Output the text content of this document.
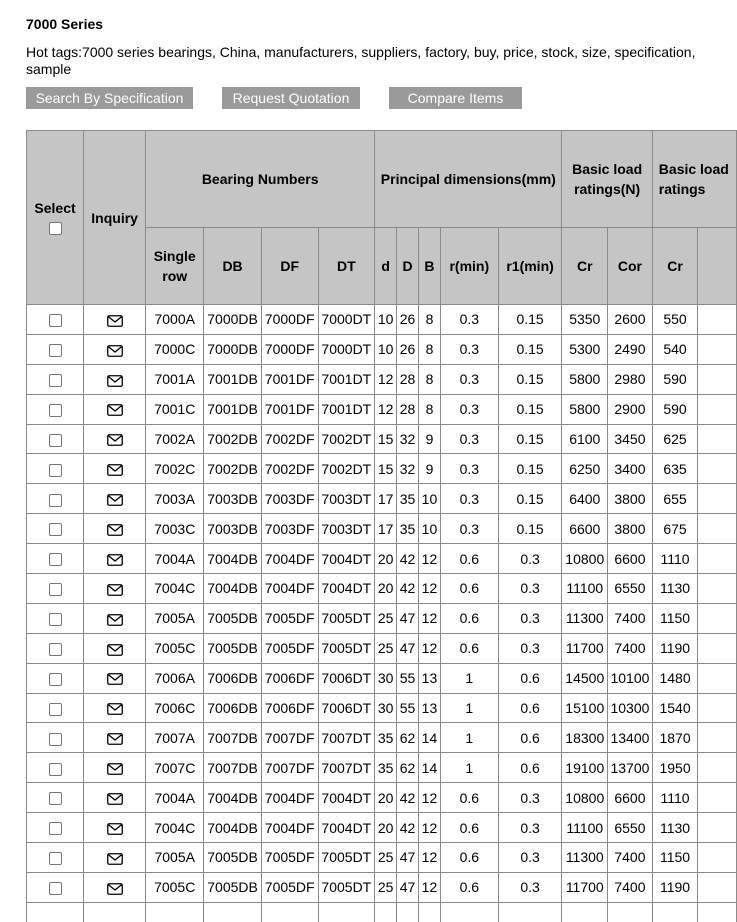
7000 Series
Hot tags:7000 series bearings, China, manufacturers, suppliers, factory, buy, price, stock, size, specification, sample
Search By Specification	Request Quotation	Compare Items
Select	Inquiry	Bearing Numbers				Principal dimensions(mm)					Basic load ratings(N)		Basic load ratings	
		Single row	DB	DF	DT	d	D	B	r(min)	r1(min)	Cr	Cor	Cr	
		7000A	7000DB	7000DF	7000DT	10	26	8	0.3	0.15	5350	2600	550	
		7000C	7000DB	7000DF	7000DT	10	26	8	0.3	0.15	5300	2490	540	
		7001A	7001DB	7001DF	7001DT	12	28	8	0.3	0.15	5800	2980	590	
		7001C	7001DB	7001DF	7001DT	12	28	8	0.3	0.15	5800	2900	590	
		7002A	7002DB	7002DF	7002DT	15	32	9	0.3	0.15	6100	3450	625	
		7002C	7002DB	7002DF	7002DT	15	32	9	0.3	0.15	6250	3400	635	
		7003A	7003DB	7003DF	7003DT	17	35	10	0.3	0.15	6400	3800	655	
		7003C	7003DB	7003DF	7003DT	17	35	10	0.3	0.15	6600	3800	675	
		7004A	7004DB	7004DF	7004DT	20	42	12	0.6	0.3	10800	6600	1110	
		7004C	7004DB	7004DF	7004DT	20	42	12	0.6	0.3	11100	6550	1130	
		7005A	7005DB	7005DF	7005DT	25	47	12	0.6	0.3	11300	7400	1150	
		7005C	7005DB	7005DF	7005DT	25	47	12	0.6	0.3	11700	7400	1190	
		7006A	7006DB	7006DF	7006DT	30	55	13	1	0.6	14500	10100	1480	
		7006C	7006DB	7006DF	7006DT	30	55	13	1	0.6	15100	10300	1540	
		7007A	7007DB	7007DF	7007DT	35	62	14	1	0.6	18300	13400	1870	
		7007C	7007DB	7007DF	7007DT	35	62	14	1	0.6	19100	13700	1950	
		7004A	7004DB	7004DF	7004DT	20	42	12	0.6	0.3	10800	6600	1110	
		7004C	7004DB	7004DF	7004DT	20	42	12	0.6	0.3	11100	6550	1130	
		7005A	7005DB	7005DF	7005DT	25	47	12	0.6	0.3	11300	7400	1150	
		7005C	7005DB	7005DF	7005DT	25	47	12	0.6	0.3	11700	7400	1190	
